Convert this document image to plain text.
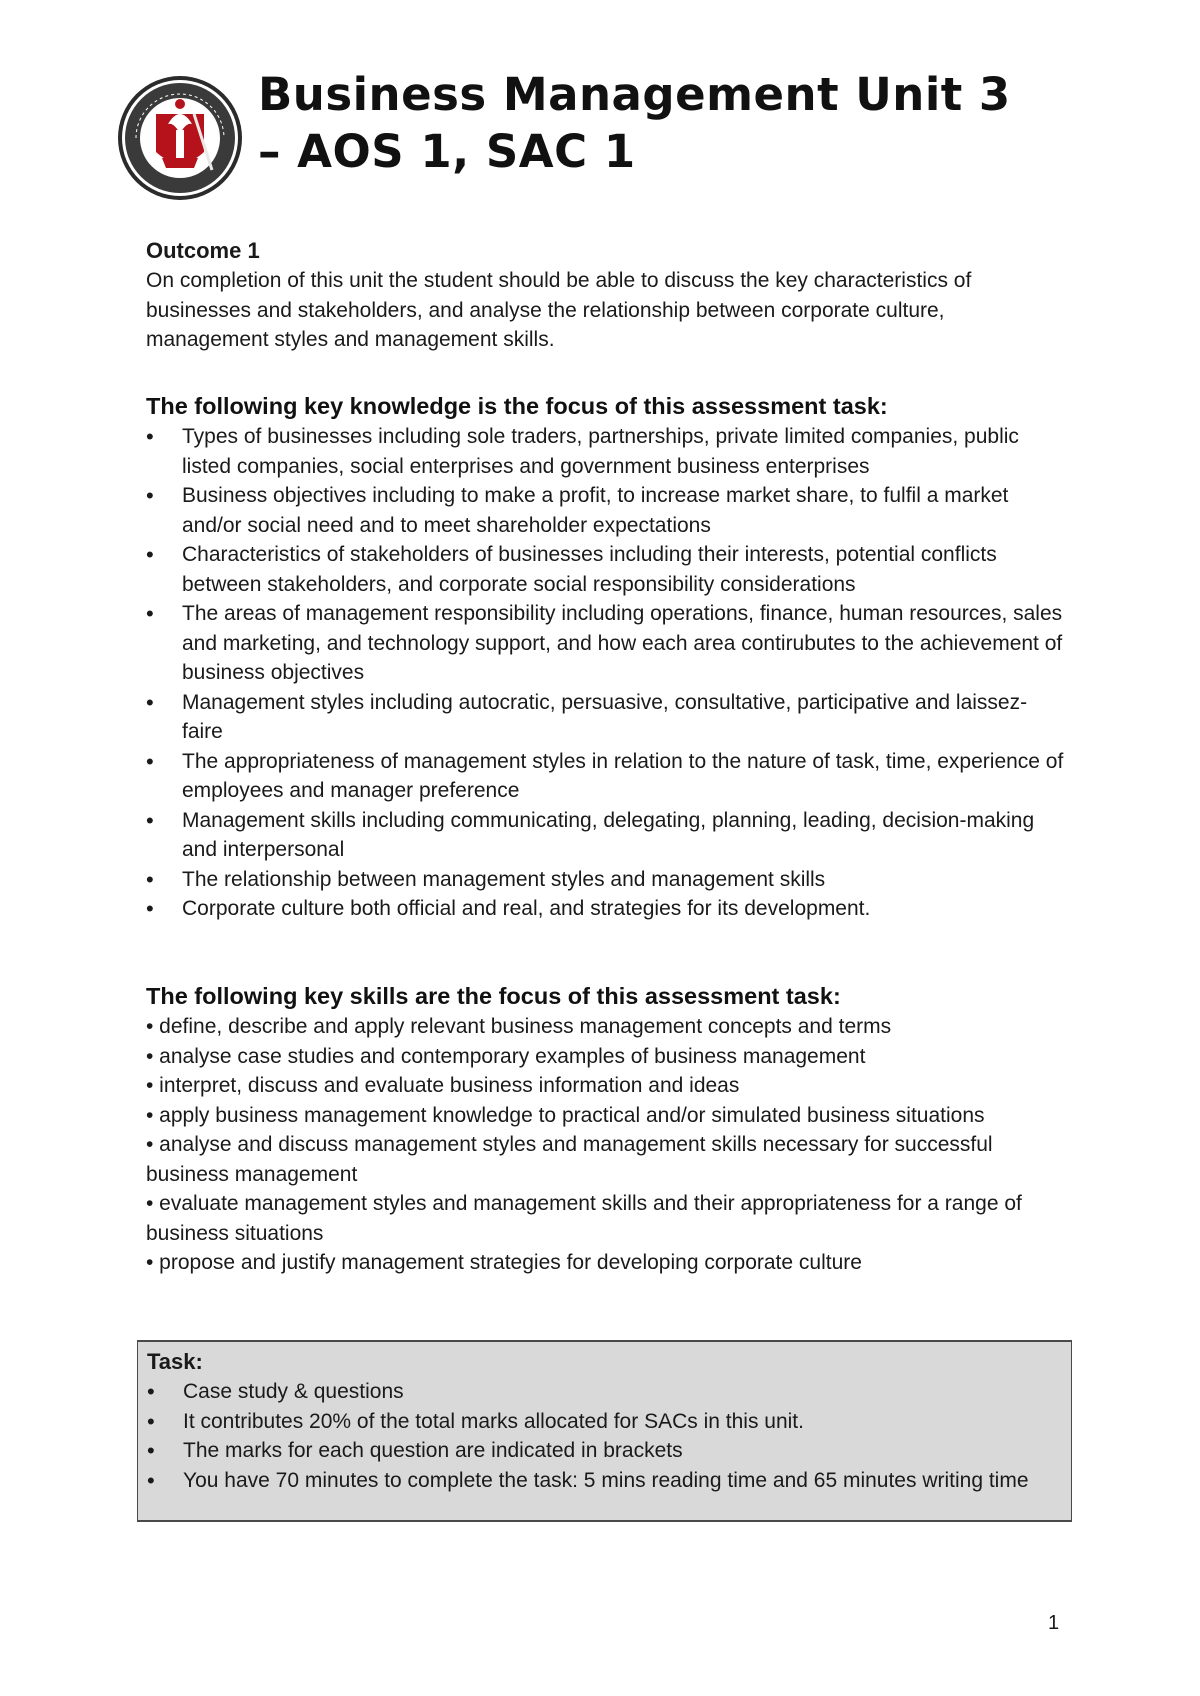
Business Management Unit 3
– AOS 1, SAC 1

Outcome 1

On completion of this unit the student should be able to discuss the key characteristics of businesses and stakeholders, and analyse the relationship between corporate culture, management styles and management skills.

The following key knowledge is the focus of this assessment task:

• Types of businesses including sole traders, partnerships, private limited companies, public listed companies, social enterprises and government business enterprises
• Business objectives including to make a profit, to increase market share, to fulfil a market and/or social need and to meet shareholder expectations
• Characteristics of stakeholders of businesses including their interests, potential conflicts between stakeholders, and corporate social responsibility considerations
• The areas of management responsibility including operations, finance, human resources, sales and marketing, and technology support, and how each area contirubutes to the achievement of business objectives
• Management styles including autocratic, persuasive, consultative, participative and laissez-faire
• The appropriateness of management styles in relation to the nature of task, time, experience of employees and manager preference
• Management skills including communicating, delegating, planning, leading, decision-making and interpersonal
• The relationship between management styles and management skills
• Corporate culture both official and real, and strategies for its development.

The following key skills are the focus of this assessment task:

• define, describe and apply relevant business management concepts and terms

• analyse case studies and contemporary examples of business management

• interpret, discuss and evaluate business information and ideas

• apply business management knowledge to practical and/or simulated business situations

• analyse and discuss management styles and management skills necessary for successful business management

• evaluate management styles and management skills and their appropriateness for a range of business situations

• propose and justify management strategies for developing corporate culture

Task:

• Case study & questions
• It contributes 20% of the total marks allocated for SACs in this unit.
• The marks for each question are indicated in brackets
• You have 70 minutes to complete the task: 5 mins reading time and 65 minutes writing time
1
